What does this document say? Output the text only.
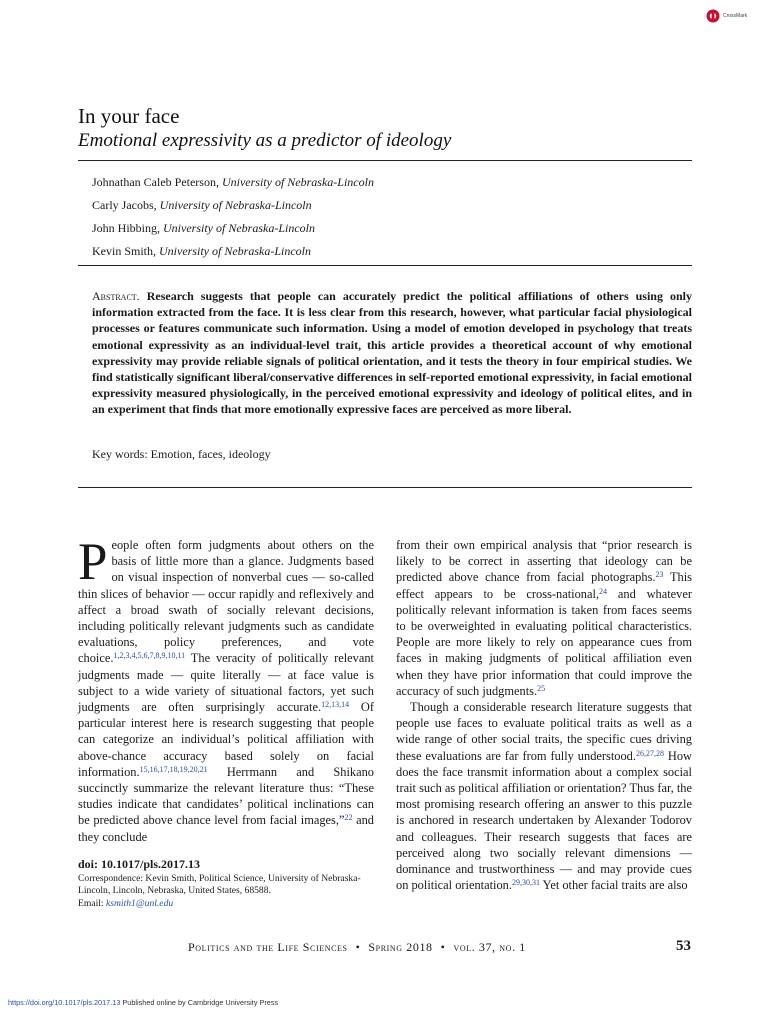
CrossMark
In your face
Emotional expressivity as a predictor of ideology
Johnathan Caleb Peterson, University of Nebraska-Lincoln
Carly Jacobs, University of Nebraska-Lincoln
John Hibbing, University of Nebraska-Lincoln
Kevin Smith, University of Nebraska-Lincoln

Abstract. Research suggests that people can accurately predict the political affiliations of others using only information extracted from the face. It is less clear from this research, however, what particular facial physiological processes or features communicate such information. Using a model of emotion developed in psychology that treats emotional expressivity as an individual-level trait, this article provides a theoretical account of why emotional expressivity may provide reliable signals of political orientation, and it tests the theory in four empirical studies. We find statistically significant liberal/conservative differences in self-reported emotional expressivity, in facial emotional expressivity measured physiologically, in the perceived emotional expressivity and ideology of political elites, and in an experiment that finds that more emotionally expressive faces are perceived as more liberal.

Key words: Emotion, faces, ideology

People often form judgments about others on the basis of little more than a glance. Judgments based on visual inspection of nonverbal cues — so-called thin slices of behavior — occur rapidly and reflexively and affect a broad swath of socially relevant decisions, including politically relevant judgments such as candidate evaluations, policy preferences, and vote choice.$^{1,2,3,4,5,6,7,8,9,10,11}$ The veracity of politically relevant judgments made — quite literally — at face value is subject to a wide variety of situational factors, yet such judgments are often surprisingly accurate.$^{12,13,14}$ Of particular interest here is research suggesting that people can categorize an individual’s political affiliation with above-chance accuracy based solely on facial information.$^{15,16,17,18,19,20,21}$ Herrmann and Shikano succinctly summarize the relevant literature thus: “These studies indicate that candidates’ political inclinations can be predicted above chance level from facial images,”$^{22}$ and they conclude

doi: 10.1017/pls.2017.13
Correspondence: Kevin Smith, Political Science, University of Nebraska-Lincoln, Lincoln, Nebraska, United States, 68588.
Email: ksmith1@unl.edu

from their own empirical analysis that “prior research is likely to be correct in asserting that ideology can be predicted above chance from facial photographs.$^{23}$ This effect appears to be cross-national,$^{24}$ and whatever politically relevant information is taken from faces seems to be overweighted in evaluating political characteristics. People are more likely to rely on appearance cues from faces in making judgments of political affiliation even when they have prior information that could improve the accuracy of such judgments.$^{25}$

Though a considerable research literature suggests that people use faces to evaluate political traits as well as a wide range of other social traits, the specific cues driving these evaluations are far from fully understood.$^{26,27,28}$ How does the face transmit information about a complex social trait such as political affiliation or orientation? Thus far, the most promising research offering an answer to this puzzle is anchored in research undertaken by Alexander Todorov and colleagues. Their research suggests that faces are perceived along two socially relevant dimensions — dominance and trustworthiness — and may provide cues on political orientation.$^{29,30,31}$ Yet other facial traits are also

Politics and the Life Sciences • Spring 2018 • vol. 37, no. 1	53
https://doi.org/10.1017/pls.2017.13 Published online by Cambridge University Press
